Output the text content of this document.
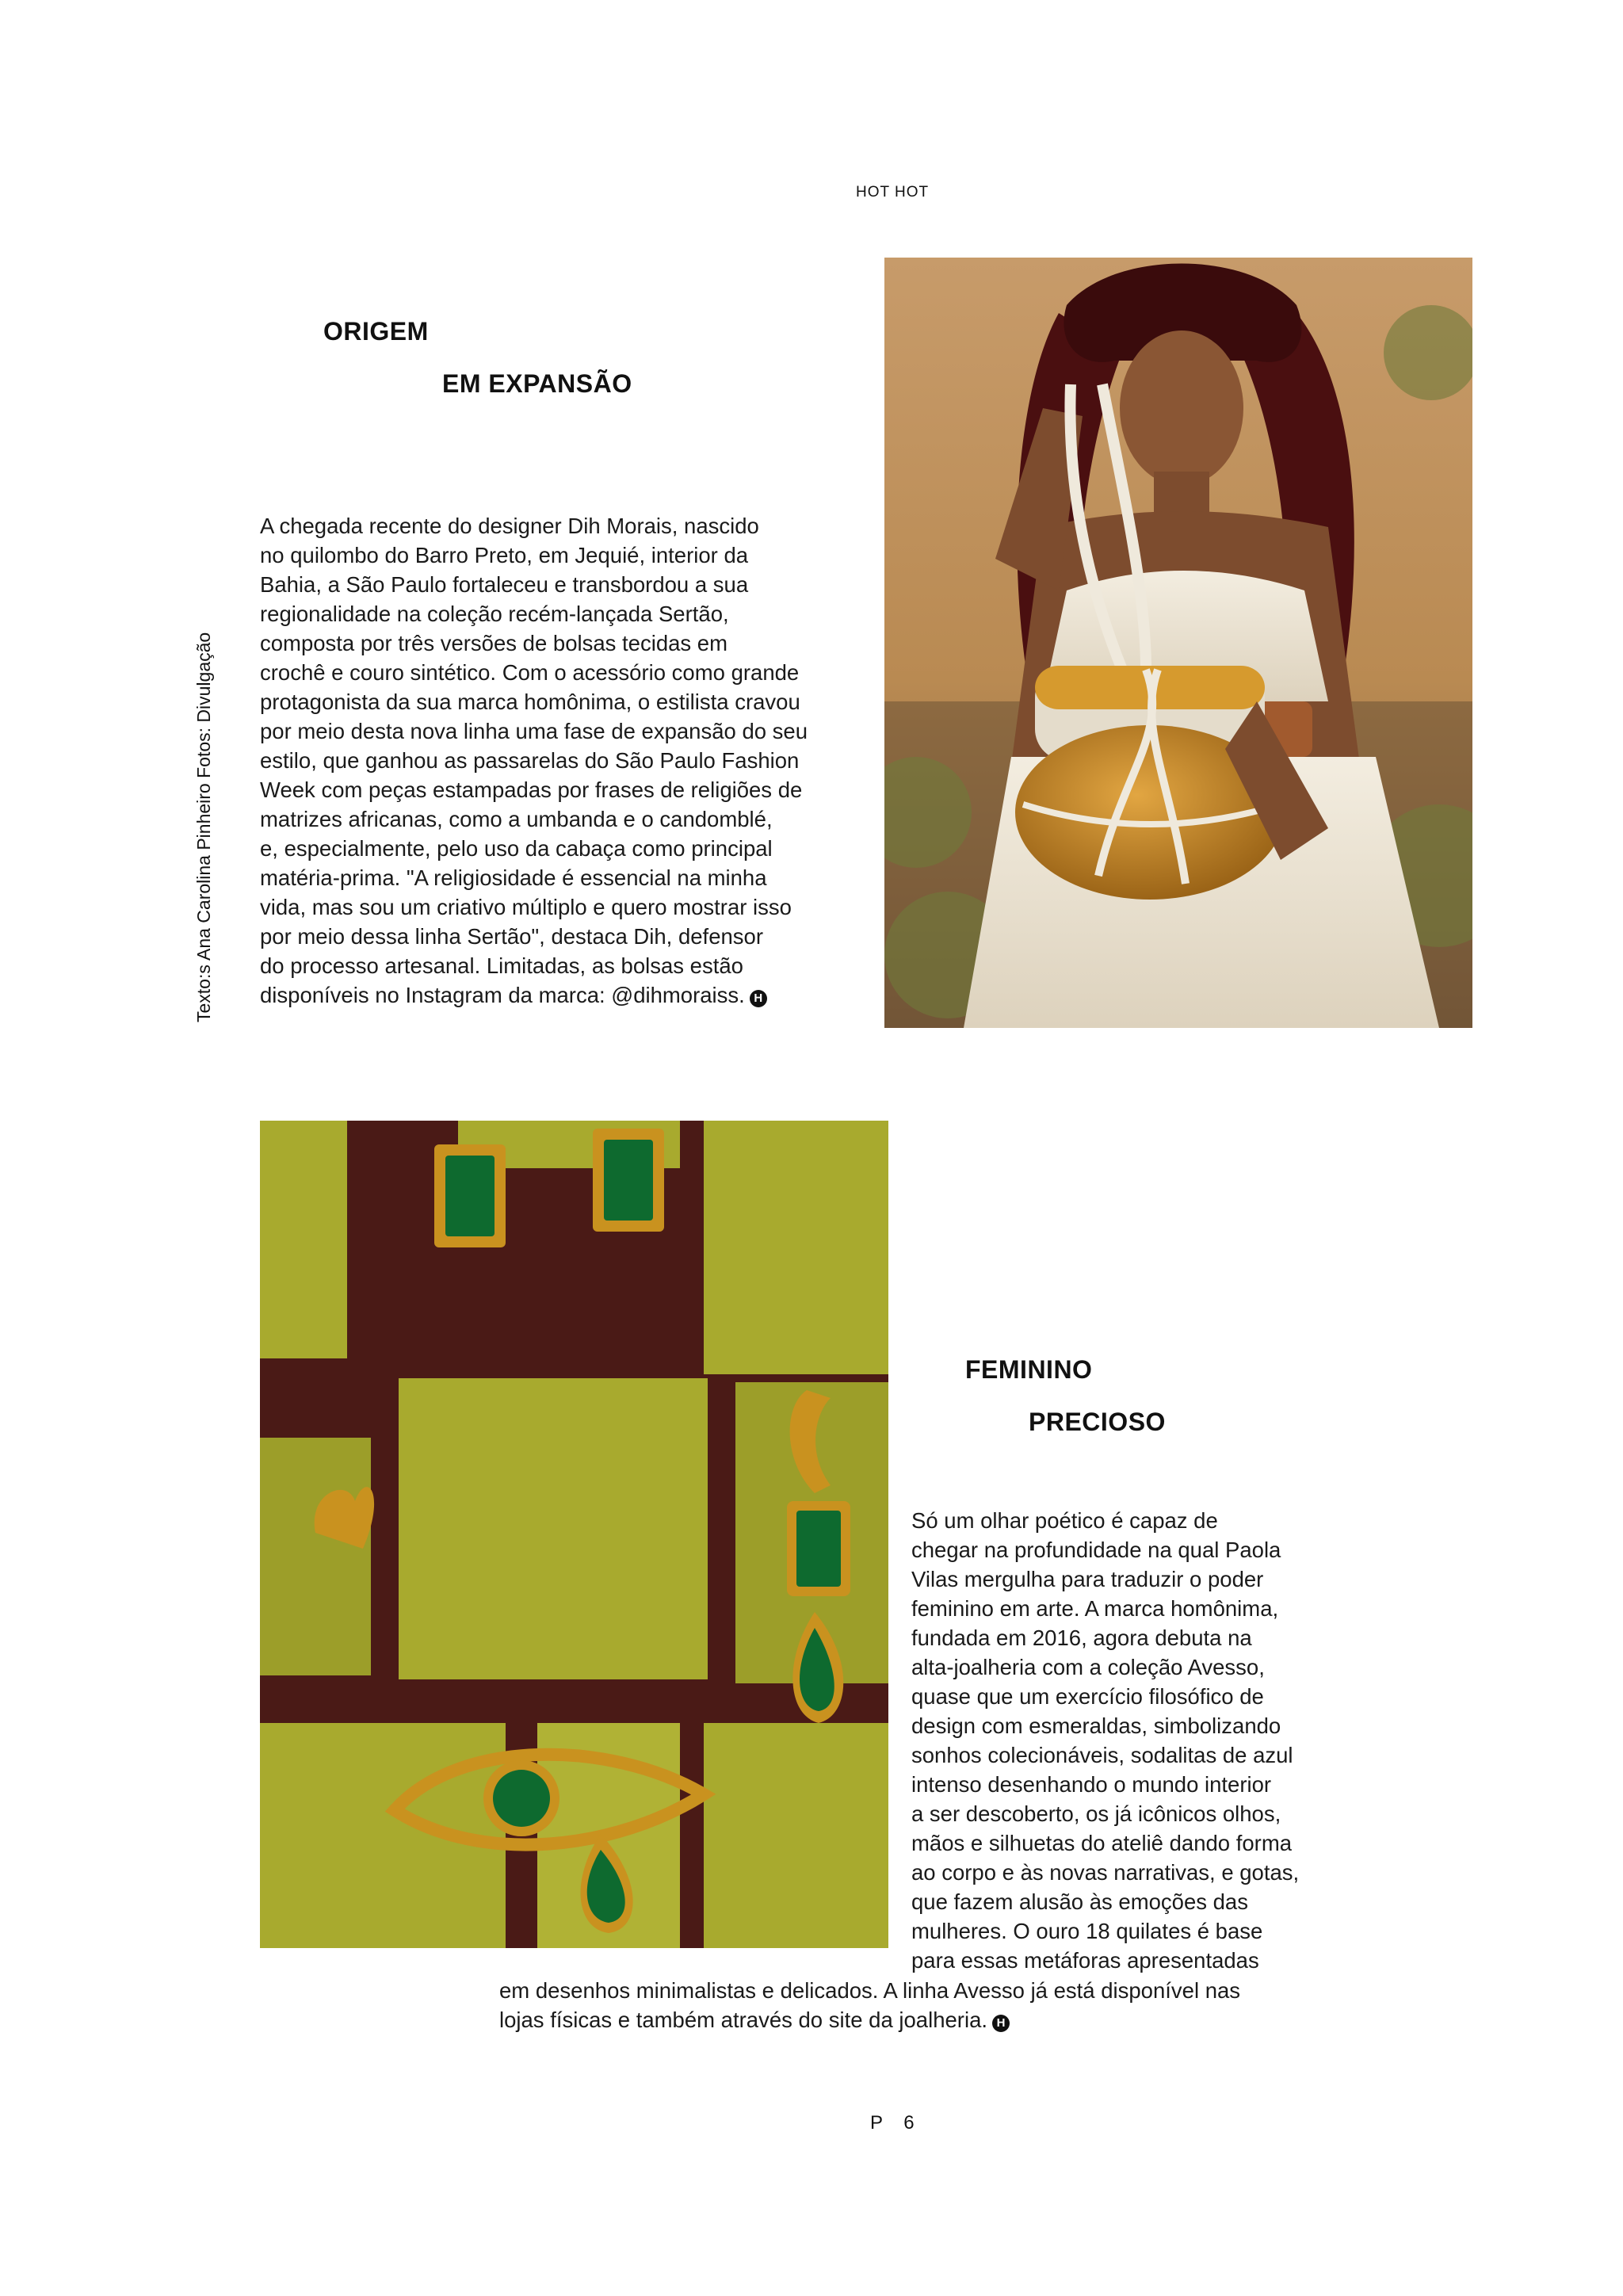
HOT HOT
Texto:s Ana Carolina Pinheiro Fotos: Divulgação
ORIGEM
EM EXPANSÃO
A chegada recente do designer Dih Morais, nascido
no quilombo do Barro Preto, em Jequié, interior da
Bahia, a São Paulo fortaleceu e transbordou a sua
regionalidade na coleção recém-lançada Sertão,
composta por três versões de bolsas tecidas em
crochê e couro sintético. Com o acessório como grande
protagonista da sua marca homônima, o estilista cravou
por meio desta nova linha uma fase de expansão do seu
estilo, que ganhou as passarelas do São Paulo Fashion
Week com peças estampadas por frases de religiões de
matrizes africanas, como a umbanda e o candomblé,
e, especialmente, pelo uso da cabaça como principal
matéria-prima. "A religiosidade é essencial na minha
vida, mas sou um criativo múltiplo e quero mostrar isso
por meio dessa linha Sertão", destaca Dih, defensor
do processo artesanal. Limitadas, as bolsas estão
disponíveis no Instagram da marca: @dihmoraiss. H
FEMININO
PRECIOSO
Só um olhar poético é capaz de
chegar na profundidade na qual Paola
Vilas mergulha para traduzir o poder
feminino em arte. A marca homônima,
fundada em 2016, agora debuta na
alta-joalheria com a coleção Avesso,
quase que um exercício filosófico de
design com esmeraldas, simbolizando
sonhos colecionáveis, sodalitas de azul
intenso desenhando o mundo interior
a ser descoberto, os já icônicos olhos,
mãos e silhuetas do ateliê dando forma
ao corpo e às novas narrativas, e gotas,
que fazem alusão às emoções das
mulheres. O ouro 18 quilates é base
para essas metáforas apresentadas
em desenhos minimalistas e delicados. A linha Avesso já está disponível nas
lojas físicas e também através do site da joalheria. H
P 6
